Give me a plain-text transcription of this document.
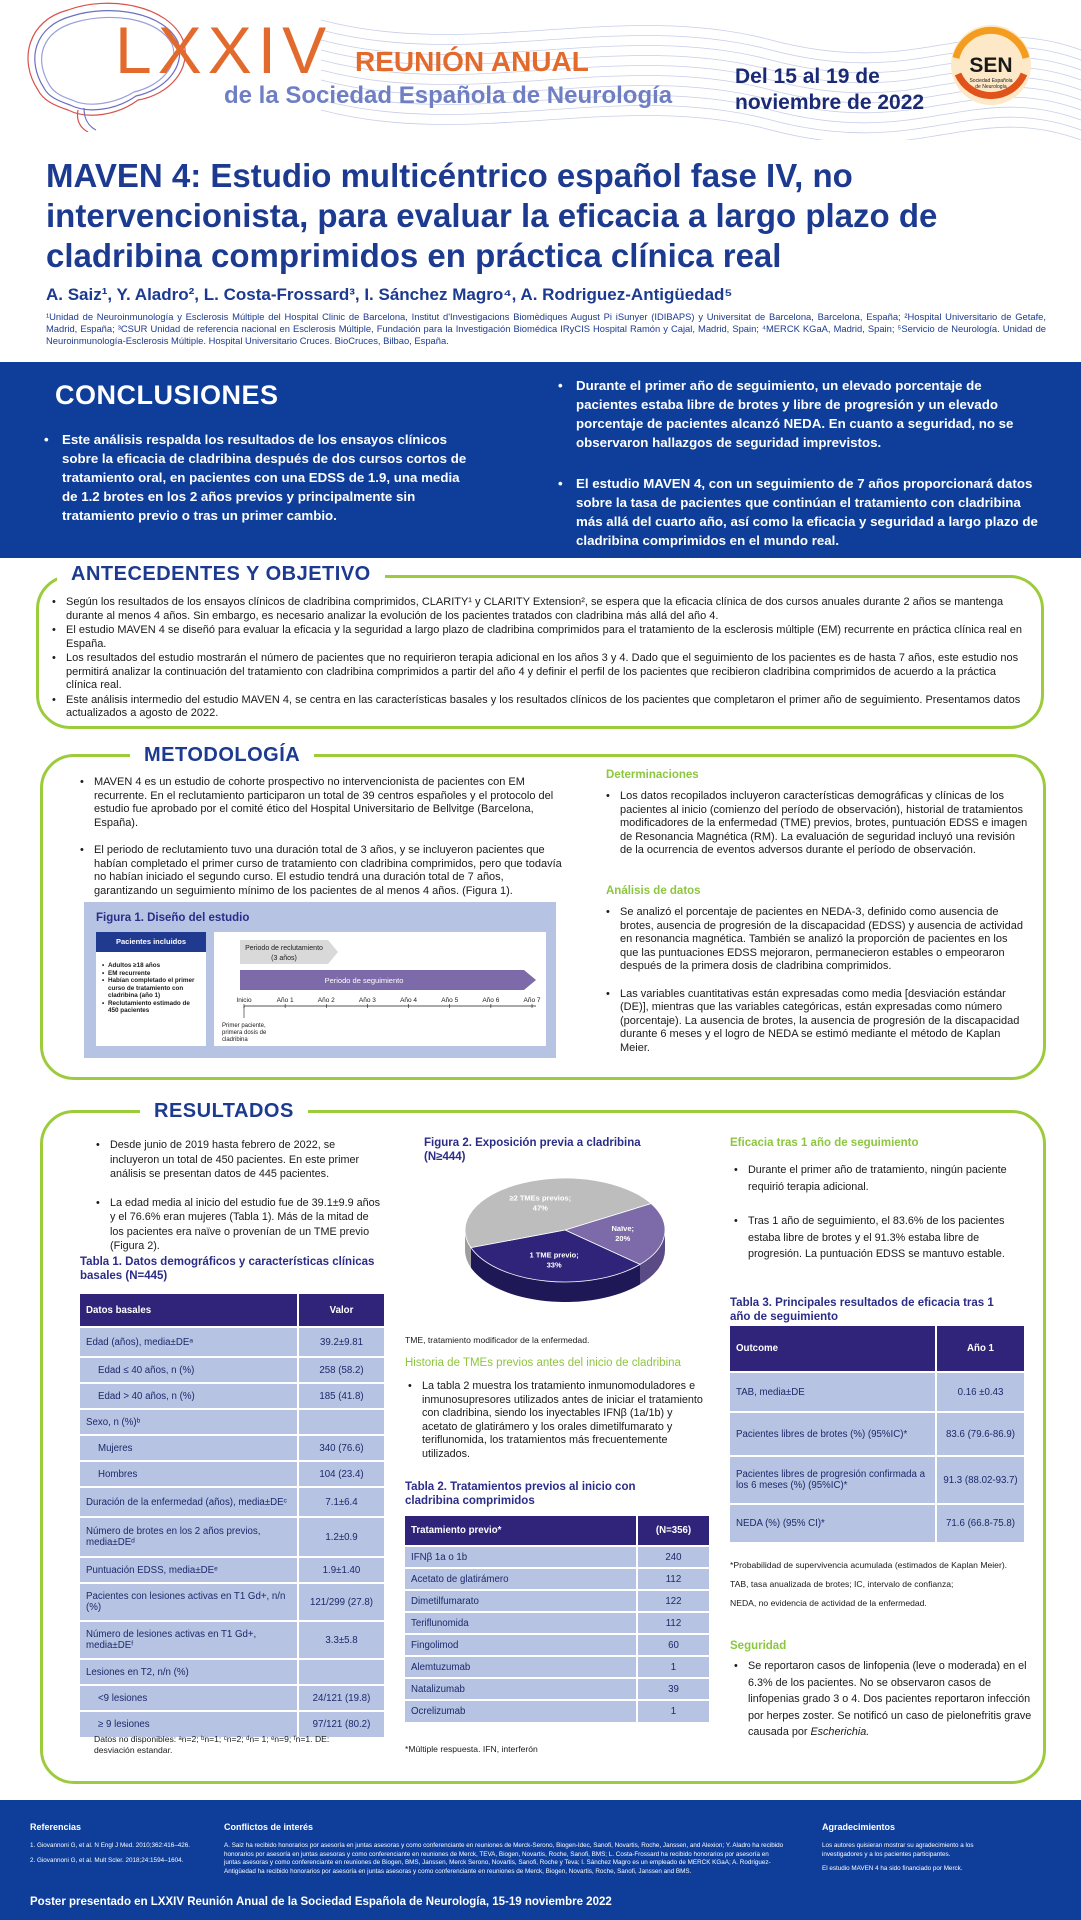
LXXIV REUNIÓN ANUAL
de la Sociedad Española de Neurología
Del 15 al 19 de
noviembre de 2022
SEN
Sociedad Española
de Neurología
MAVEN 4: Estudio multicéntrico español fase IV, no intervencionista, para evaluar la eficacia a largo plazo de cladribina comprimidos en práctica clínica real
A. Saiz¹, Y. Aladro², L. Costa-Frossard³, I. Sánchez Magro⁴, A. Rodriguez-Antigüedad⁵
¹Unidad de Neuroinmunología y Esclerosis Múltiple del Hospital Clinic de Barcelona, Institut d'Investigacions Biomèdiques August Pi iSunyer (IDIBAPS) y Universitat de Barcelona, Barcelona, España; ²Hospital Universitario de Getafe, Madrid, España; ³CSUR Unidad de referencia nacional en Esclerosis Múltiple, Fundación para la Investigación Biomédica IRyCIS Hospital Ramón y Cajal, Madrid, Spain; ⁴MERCK KGaA, Madrid, Spain; ⁵Servicio de Neurología. Unidad de Neuroinmunología-Esclerosis Múltiple. Hospital Universitario Cruces. BioCruces, Bilbao, España.
CONCLUSIONES
• Este análisis respalda los resultados de los ensayos clínicos sobre la eficacia de cladribina después de dos cursos cortos de tratamiento oral, en pacientes con una EDSS de 1.9, una media de 1.2 brotes en los 2 años previos y principalmente sin tratamiento previo o tras un primer cambio.
• Durante el primer año de seguimiento, un elevado porcentaje de pacientes estaba libre de brotes y libre de progresión y un elevado porcentaje de pacientes alcanzó NEDA. En cuanto a seguridad, no se observaron hallazgos de seguridad imprevistos.
• El estudio MAVEN 4, con un seguimiento de 7 años proporcionará datos sobre la tasa de pacientes que continúan el tratamiento con cladribina más allá del cuarto año, así como la eficacia y seguridad a largo plazo de cladribina comprimidos en el mundo real.
ANTECEDENTES Y OBJETIVO
• Según los resultados de los ensayos clínicos de cladribina comprimidos, CLARITY¹ y CLARITY Extension², se espera que la eficacia clínica de dos cursos anuales durante 2 años se mantenga durante al menos 4 años. Sin embargo, es necesario analizar la evolución de los pacientes tratados con cladribina más allá del año 4.
• El estudio MAVEN 4 se diseñó para evaluar la eficacia y la seguridad a largo plazo de cladribina comprimidos para el tratamiento de la esclerosis múltiple (EM) recurrente en práctica clínica real en España.
• Los resultados del estudio mostrarán el número de pacientes que no requirieron terapia adicional en los años 3 y 4. Dado que el seguimiento de los pacientes es de hasta 7 años, este estudio nos permitirá analizar la continuación del tratamiento con cladribina comprimidos a partir del año 4 y definir el perfil de los pacientes que recibieron cladribina comprimidos de acuerdo a la práctica clínica real.
• Este análisis intermedio del estudio MAVEN 4, se centra en las características basales y los resultados clínicos de los pacientes que completaron el primer año de seguimiento. Presentamos datos actualizados a agosto de 2022.
METODOLOGÍA
• MAVEN 4 es un estudio de cohorte prospectivo no intervencionista de pacientes con EM recurrente. En el reclutamiento participaron un total de 39 centros españoles y el protocolo del estudio fue aprobado por el comité ético del Hospital Universitario de Bellvitge (Barcelona, España).
• El periodo de reclutamiento tuvo una duración total de 3 años, y se incluyeron pacientes que habían completado el primer curso de tratamiento con cladribina comprimidos, pero que todavía no habían iniciado el segundo curso. El estudio tendrá una duración total de 7 años, garantizando un seguimiento mínimo de los pacientes de al menos 4 años. (Figura 1).
Figura 1. Diseño del estudio
Pacientes incluidos
• Adultos ≥18 años
• EM recurrente
• Habían completado el primer curso de tratamiento con cladribina (año 1)
• Reclutamiento estimado de 450 pacientes
Periodo de reclutamiento
(3 años)
Periodo de seguimiento
Inicio	Año 1	Año 2	Año 3	Año 4	Año 5	Año 6	Año 7
Primer paciente,
primera dosis de
cladribina
Determinaciones
• Los datos recopilados incluyeron características demográficas y clínicas de los pacientes al inicio (comienzo del período de observación), historial de tratamientos modificadores de la enfermedad (TME) previos, brotes, puntuación EDSS e imagen de Resonancia Magnética (RM). La evaluación de seguridad incluyó una revisión de la ocurrencia de eventos adversos durante el período de observación.
Análisis de datos
• Se analizó el porcentaje de pacientes en NEDA-3, definido como ausencia de brotes, ausencia de progresión de la discapacidad (EDSS) y ausencia de actividad en resonancia magnética. También se analizó la proporción de pacientes en los que las puntuaciones EDSS mejoraron, permanecieron estables o empeoraron después de la primera dosis de cladribina comprimidos.
• Las variables cuantitativas están expresadas como media [desviación estándar (DE)], mientras que las variables categóricas, están expresadas como número (porcentaje). La ausencia de brotes, la ausencia de progresión de la discapacidad durante 6 meses y el logro de NEDA se estimó mediante el método de Kaplan Meier.
RESULTADOS
• Desde junio de 2019 hasta febrero de 2022, se incluyeron un total de 450 pacientes. En este primer análisis se presentan datos de 445 pacientes.
• La edad media al inicio del estudio fue de 39.1±9.9 años y el 76.6% eran mujeres (Tabla 1). Más de la mitad de los pacientes era naïve o provenían de un TME previo (Figura 2).
Tabla 1. Datos demográficos y características clínicas basales (N=445)
Datos basales	Valor
Edad (años), media±DEᵃ	39.2±9.81
Edad ≤ 40 años, n (%)	258 (58.2)
Edad > 40 años, n (%)	185 (41.8)
Sexo, n (%)ᵇ	
Mujeres	340 (76.6)
Hombres	104 (23.4)
Duración de la enfermedad (años), media±DEᶜ	7.1±6.4
Número de brotes en los 2 años previos, media±DEᵈ	1.2±0.9
Puntuación EDSS, media±DEᵉ	1.9±1.40
Pacientes con lesiones activas en T1 Gd+, n/n (%)	121/299 (27.8)
Número de lesiones activas en T1 Gd+, media±DEᶠ	3.3±5.8
Lesiones en T2, n/n (%)	
<9 lesiones	24/121 (19.8)
≥ 9 lesiones	97/121 (80.2)
Datos no disponibles: ᵃn=2; ᵇn=1; ᶜn=2; ᵈn= 1; ᵉn=9; ᶠn=1. DE:
desviación estandar.
Figura 2. Exposición previa a cladribina (N≥444)
Naïve;
20%
1 TME previo;
33%
≥2 TMEs previos;
47%
TME, tratamiento modificador de la enfermedad.
Historia de TMEs previos antes del inicio de cladribina
• La tabla 2 muestra los tratamiento inmunomoduladores e inmunosupresores utilizados antes de iniciar el tratamiento con cladribina, siendo los inyectables IFNβ (1a/1b) y acetato de glatirámero y los orales dimetilfumarato y teriflunomida, los tratamientos más frecuentemente utilizados.
Tabla 2. Tratamientos previos al inicio con cladribina comprimidos
Tratamiento previo*	(N=356)
IFNβ 1a o 1b	240
Acetato de glatirámero	112
Dimetilfumarato	122
Teriflunomida	112
Fingolimod	60
Alemtuzumab	1
Natalizumab	39
Ocrelizumab	1
*Múltiple respuesta. IFN, interferón
Eficacia tras 1 año de seguimiento
• Durante el primer año de tratamiento, ningún paciente requirió terapia adicional.
• Tras 1 año de seguimiento, el 83.6% de los pacientes estaba libre de brotes y el 91.3% estaba libre de progresión. La puntuación EDSS se mantuvo estable.
Tabla 3. Principales resultados de eficacia tras 1 año de seguimiento
Outcome	Año 1
TAB, media±DE	0.16 ±0.43
Pacientes libres de brotes (%) (95%IC)*	83.6 (79.6-86.9)
Pacientes libres de progresión confirmada a los 6 meses (%) (95%IC)*	91.3 (88.02-93.7)
NEDA (%) (95% CI)*	71.6 (66.8-75.8)
*Probabilidad de supervivencia acumulada (estimados de Kaplan Meier).
TAB, tasa anualizada de brotes; IC, intervalo de confianza;
NEDA, no evidencia de actividad de la enfermedad.
Seguridad
• Se reportaron casos de linfopenia (leve o moderada) en el 6.3% de los pacientes. No se observaron casos de linfopenias grado 3 o 4. Dos pacientes reportaron infección por herpes zoster. Se notificó un caso de pielonefritis grave causada por Escherichia.
Referencias

1. Giovannoni G, et al. N Engl J Med. 2010;362:416–426.

2. Giovannoni G, et al. Mult Scler. 2018;24:1594–1604.

Conflictos de interés

A. Saiz ha recibido honorarios por asesoría en juntas asesoras y como conferenciante en reuniones de Merck-Serono, Biogen-Idec, Sanofi, Novartis, Roche, Janssen, and Alexion; Y. Aladro ha recibido honorarios por asesoría en juntas asesoras y como conferenciante en reuniones de Merck, TEVA, Biogen, Novartis, Roche, Sanofi, BMS; L. Costa-Frossard ha recibido honorarios por asesoría en juntas asesoras y como conferenciante en reuniones de Biogen, BMS, Janssen, Merck Serono, Novartis, Sanofi, Roche y Teva; I. Sánchez Magro es un empleado de MERCK KGaA; A. Rodriguez-Antigüedad ha recibido honorarios por asesoría en juntas asesoras y como conferenciante en reuniones de Merck, Biogen, Novartis, Roche, Sanofi, Janssen and BMS.

Agradecimientos

Los autores quisieran mostrar su agradecimiento a los investigadores y a los pacientes participantes.

El estudio MAVEN 4 ha sido financiado por Merck.

Poster presentado en LXXIV Reunión Anual de la Sociedad Española de Neurología, 15-19 noviembre 2022
